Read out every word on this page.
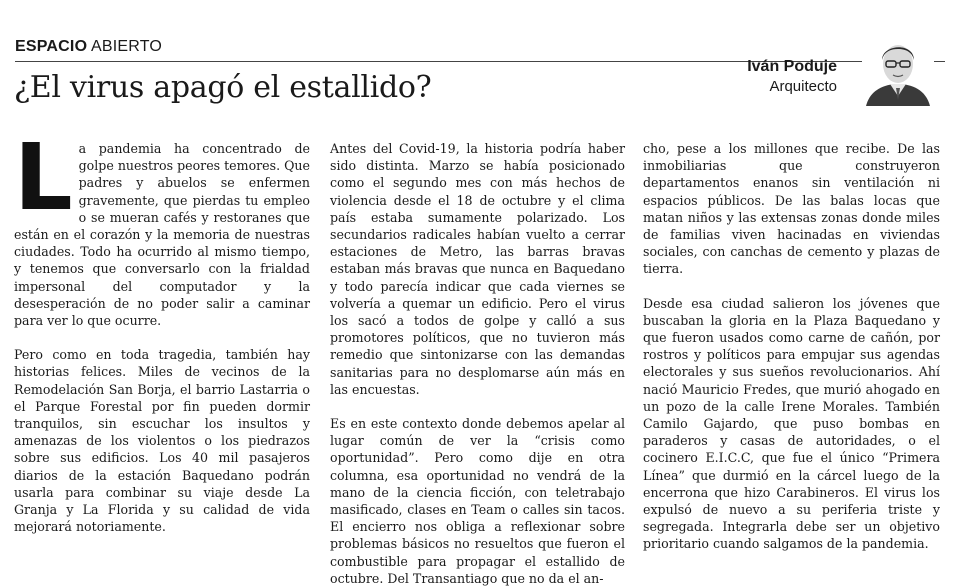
ESPACIO ABIERTO
¿El virus apagó el estallido?
Iván Poduje
Arquitecto

La pandemia ha concentrado de golpe nuestros peores temores. Que padres y abuelos se enfermen gravemente, que pierdas tu empleo o se mueran cafés y restoranes que están en el corazón y la memoria de nuestras ciudades. Todo ha ocurrido al mismo tiempo, y tenemos que conversarlo con la frialdad impersonal del computador y la desesperación de no poder salir a caminar para ver lo que ocurre.

Pero como en toda tragedia, también hay historias felices. Miles de vecinos de la Remodelación San Borja, el barrio Lastarria o el Parque Forestal por fin pueden dormir tranquilos, sin escuchar los insultos y amenazas de los violentos o los piedrazos sobre sus edificios. Los 40 mil pasajeros diarios de la estación Baquedano podrán usarla para combinar su viaje desde La Granja y La Florida y su calidad de vida mejorará notoriamente.

Antes del Covid-19, la historia podría haber sido distinta. Marzo se había posicionado como el segundo mes con más hechos de violencia desde el 18 de octubre y el clima país estaba sumamente polarizado. Los secundarios radicales habían vuelto a cerrar estaciones de Metro, las barras bravas estaban más bravas que nunca en Baquedano y todo parecía indicar que cada viernes se volvería a quemar un edificio. Pero el virus los sacó a todos de golpe y calló a sus promotores políticos, que no tuvieron más remedio que sintonizarse con las demandas sanitarias para no desplomarse aún más en las encuestas.

Es en este contexto donde debemos apelar al lugar común de ver la “crisis como oportunidad”. Pero como dije en otra columna, esa oportunidad no vendrá de la mano de la ciencia ficción, con teletrabajo masificado, clases en Team o calles sin tacos. El encierro nos obliga a reflexionar sobre problemas básicos no resueltos que fueron el combustible para propagar el estallido de octubre. Del Transantiago que no da el an-

cho, pese a los millones que recibe. De las inmobiliarias que construyeron departamentos enanos sin ventilación ni espacios públicos. De las balas locas que matan niños y las extensas zonas donde miles de familias viven hacinadas en viviendas sociales, con canchas de cemento y plazas de tierra.

Desde esa ciudad salieron los jóvenes que buscaban la gloria en la Plaza Baquedano y que fueron usados como carne de cañón, por rostros y políticos para empujar sus agendas electorales y sus sueños revolucionarios. Ahí nació Mauricio Fredes, que murió ahogado en un pozo de la calle Irene Morales. También Camilo Gajardo, que puso bombas en paraderos y casas de autoridades, o el cocinero E.I.C.C, que fue el único “Primera Línea” que durmió en la cárcel luego de la encerrona que hizo Carabineros. El virus los expulsó de nuevo a su periferia triste y segregada. Integrarla debe ser un objetivo prioritario cuando salgamos de la pandemia.
